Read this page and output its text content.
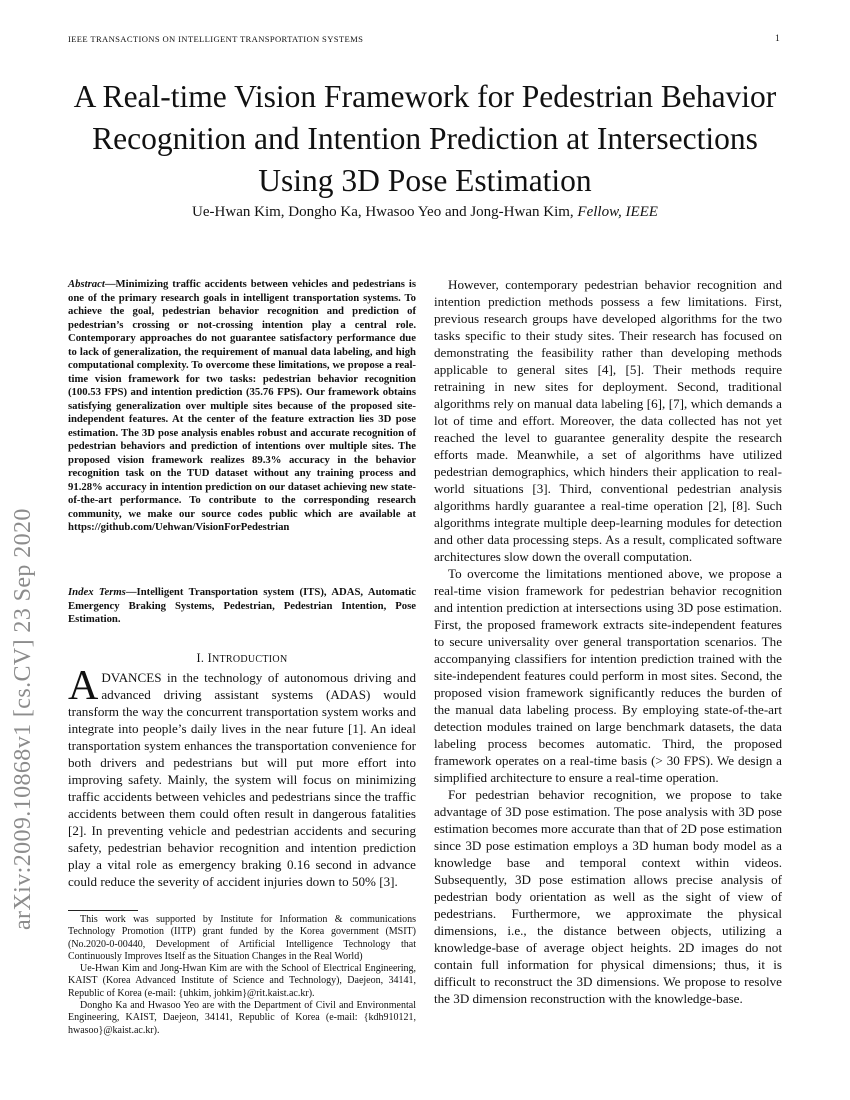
IEEE TRANSACTIONS ON INTELLIGENT TRANSPORTATION SYSTEMS	1
A Real-time Vision Framework for Pedestrian Behavior Recognition and Intention Prediction at Intersections Using 3D Pose Estimation
Ue-Hwan Kim, Dongho Ka, Hwasoo Yeo and Jong-Hwan Kim, Fellow, IEEE
arXiv:2009.10868v1 [cs.CV] 23 Sep 2020
Abstract—Minimizing traffic accidents between vehicles and pedestrians is one of the primary research goals in intelligent transportation systems. To achieve the goal, pedestrian behavior recognition and prediction of pedestrian’s crossing or not-crossing intention play a central role. Contemporary approaches do not guarantee satisfactory performance due to lack of generalization, the requirement of manual data labeling, and high computational complexity. To overcome these limitations, we propose a real-time vision framework for two tasks: pedestrian behavior recognition (100.53 FPS) and intention prediction (35.76 FPS). Our framework obtains satisfying generalization over multiple sites because of the proposed site-independent features. At the center of the feature extraction lies 3D pose estimation. The 3D pose analysis enables robust and accurate recognition of pedestrian behaviors and prediction of intentions over multiple sites. The proposed vision framework realizes 89.3% accuracy in the behavior recognition task on the TUD dataset without any training process and 91.28% accuracy in intention prediction on our dataset achieving new state-of-the-art performance. To contribute to the corresponding research community, we make our source codes public which are available at https://github.com/Uehwan/VisionForPedestrian
Index Terms—Intelligent Transportation system (ITS), ADAS, Automatic Emergency Braking Systems, Pedestrian, Pedestrian Intention, Pose Estimation.
I. INTRODUCTION
ADVANCES in the technology of autonomous driving and advanced driving assistant systems (ADAS) would transform the way the concurrent transportation system works and integrate into people’s daily lives in the near future [1]. An ideal transportation system enhances the transportation convenience for both drivers and pedestrians but will put more effort into improving safety. Mainly, the system will focus on minimizing traffic accidents between vehicles and pedestrians since the traffic accidents between them could often result in dangerous fatalities [2]. In preventing vehicle and pedestrian accidents and securing safety, pedestrian behavior recognition and intention prediction play a vital role as emergency braking 0.16 second in advance could reduce the severity of accident injuries down to 50% [3].

This work was supported by Institute for Information & communications Technology Promotion (IITP) grant funded by the Korea government (MSIT) (No.2020-0-00440, Development of Artificial Intelligence Technology that Continuously Improves Itself as the Situation Changes in the Real World)

Ue-Hwan Kim and Jong-Hwan Kim are with the School of Electrical Engineering, KAIST (Korea Advanced Institute of Science and Technology), Daejeon, 34141, Republic of Korea (e-mail: {uhkim, johkim}@rit.kaist.ac.kr).

Dongho Ka and Hwasoo Yeo are with the Department of Civil and Environmental Engineering, KAIST, Daejeon, 34141, Republic of Korea (e-mail: {kdh910121, hwasoo}@kaist.ac.kr).

However, contemporary pedestrian behavior recognition and intention prediction methods possess a few limitations. First, previous research groups have developed algorithms for the two tasks specific to their study sites. Their research has focused on demonstrating the feasibility rather than developing methods applicable to general sites [4], [5]. Their methods require retraining in new sites for deployment. Second, traditional algorithms rely on manual data labeling [6], [7], which demands a lot of time and effort. Moreover, the data collected has not yet reached the level to guarantee generality despite the research efforts made. Meanwhile, a set of algorithms have utilized pedestrian demographics, which hinders their application to real-world situations [3]. Third, conventional pedestrian analysis algorithms hardly guarantee a real-time operation [2], [8]. Such algorithms integrate multiple deep-learning modules for detection and other data processing steps. As a result, complicated software architectures slow down the overall computation.

To overcome the limitations mentioned above, we propose a real-time vision framework for pedestrian behavior recognition and intention prediction at intersections using 3D pose estimation. First, the proposed framework extracts site-independent features to secure universality over general transportation scenarios. The accompanying classifiers for intention prediction trained with the site-independent features could perform in most sites. Second, the proposed vision framework significantly reduces the burden of the manual data labeling process. By employing state-of-the-art detection modules trained on large benchmark datasets, the data labeling process becomes automatic. Third, the proposed framework operates on a real-time basis (> 30 FPS). We design a simplified architecture to ensure a real-time operation.

For pedestrian behavior recognition, we propose to take advantage of 3D pose estimation. The pose analysis with 3D pose estimation becomes more accurate than that of 2D pose estimation since 3D pose estimation employs a 3D human body model as a knowledge base and temporal context within videos. Subsequently, 3D pose estimation allows precise analysis of pedestrian body orientation as well as the sight of view of pedestrians. Furthermore, we approximate the physical dimensions, i.e., the distance between objects, utilizing a knowledge-base of average object heights. 2D images do not contain full information for physical dimensions; thus, it is difficult to reconstruct the 3D dimensions. We propose to resolve the 3D dimension reconstruction with the knowledge-base.
